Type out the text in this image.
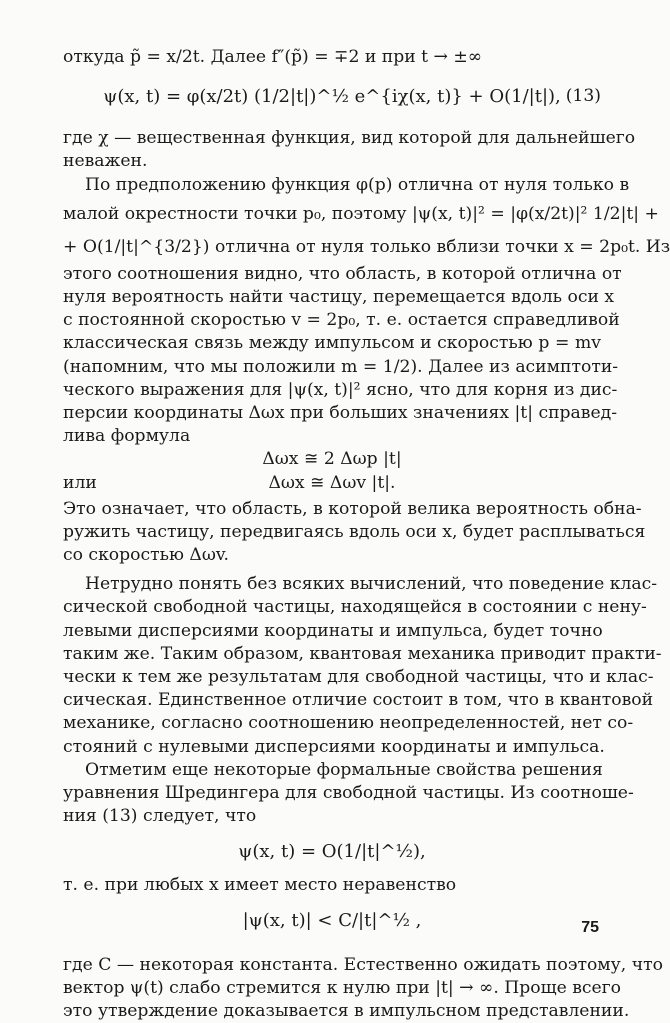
откуда p̃ = x/2t. Далее f″(p̃) = ∓2 и при t → ±∞
ψ(x, t) = φ(x/2t) (1/2|t|)^½ e^{iχ(x, t)} + O(1/|t|), (13)
где χ — вещественная функция, вид которой для дальнейшего
неважен.
По предположению функция φ(p) отлична от нуля только в
малой окрестности точки p₀, поэтому |ψ(x, t)|² = |φ(x/2t)|² 1/2|t| +
+ O(1/|t|^{3/2}) отлична от нуля только вблизи точки x = 2p₀t. Из
этого соотношения видно, что область, в которой отлична от
нуля вероятность найти частицу, перемещается вдоль оси x
с постоянной скоростью v = 2p₀, т. е. остается справедливой
классическая связь между импульсом и скоростью p = mv
(напомним, что мы положили m = 1/2). Далее из асимптоти-
ческого выражения для |ψ(x, t)|² ясно, что для корня из дис-
персии координаты Δωx при больших значениях |t| справед-
лива формула
Δωx ≅ 2 Δωp |t|
или	Δωx ≅ Δωv |t|.
Это означает, что область, в которой велика вероятность обна-
ружить частицу, передвигаясь вдоль оси x, будет расплываться
со скоростью Δωv.
Нетрудно понять без всяких вычислений, что поведение клас-
сической свободной частицы, находящейся в состоянии с нену-
левыми дисперсиями координаты и импульса, будет точно
таким же. Таким образом, квантовая механика приводит практи-
чески к тем же результатам для свободной частицы, что и клас-
сическая. Единственное отличие состоит в том, что в квантовой
механике, согласно соотношению неопределенностей, нет со-
стояний с нулевыми дисперсиями координаты и импульса.
Отметим еще некоторые формальные свойства решения
уравнения Шредингера для свободной частицы. Из соотноше-
ния (13) следует, что
ψ(x, t) = O(1/|t|^½),
т. е. при любых x имеет место неравенство
|ψ(x, t)| < C/|t|^½ ,
где C — некоторая константа. Естественно ожидать поэтому, что
вектор ψ(t) слабо стремится к нулю при |t| → ∞. Проще всего
это утверждение доказывается в импульсном представлении.
75
